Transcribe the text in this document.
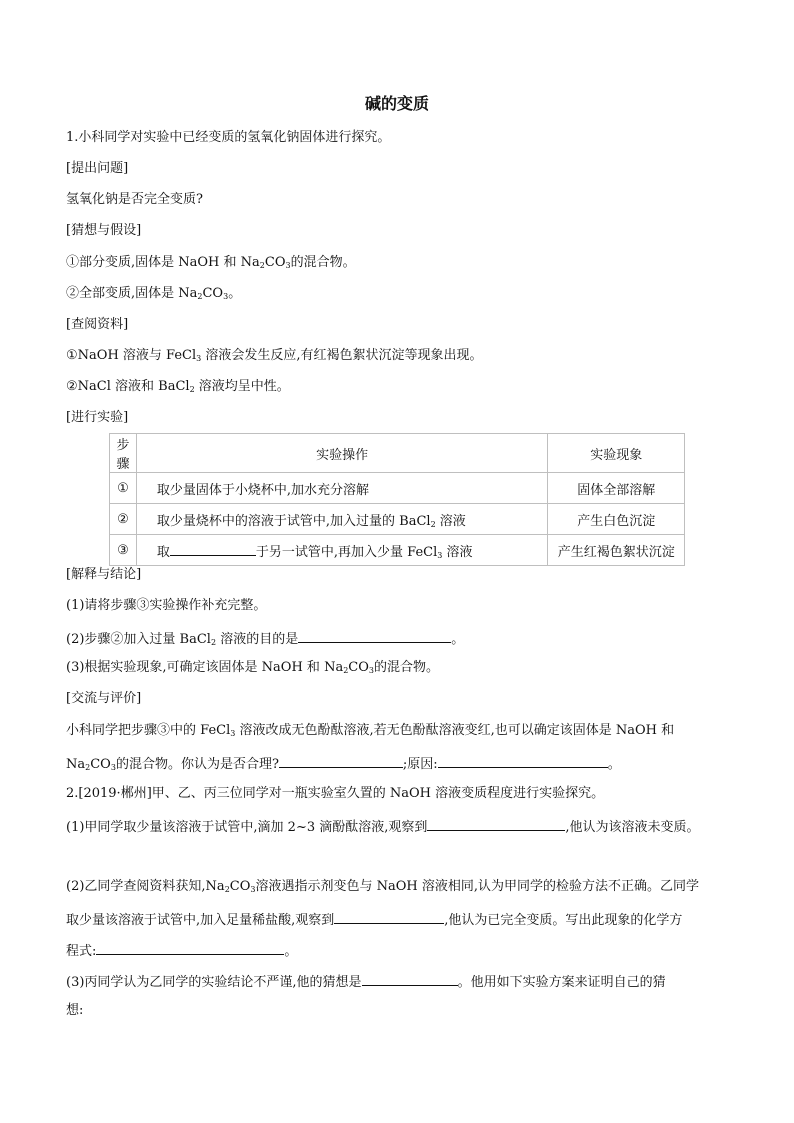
碱的变质
1.小科同学对实验中已经变质的氢氧化钠固体进行探究。
[提出问题]
氢氧化钠是否完全变质?
[猜想与假设]
①部分变质,固体是 NaOH 和 $Na_2CO_3$的混合物。
②全部变质,固体是 $Na_2CO_3$。
[查阅资料]
①NaOH 溶液与 FeCl$_3$ 溶液会发生反应,有红褐色絮状沉淀等现象出现。
②NaCl 溶液和 BaCl$_2$ 溶液均呈中性。
[进行实验]
步骤	实验操作	实验现象
①	取少量固体于小烧杯中,加水充分溶解	固体全部溶解
②	取少量烧杯中的溶液于试管中,加入过量的 BaCl$_2$ 溶液	产生白色沉淀
③	取 于另一试管中,再加入少量 FeCl$_3$ 溶液	产生红褐色絮状沉淀
[解释与结论]
(1)请将步骤③实验操作补充完整。
(2)步骤②加入过量 BaCl$_2$ 溶液的目的是	。
(3)根据实验现象,可确定该固体是 NaOH 和 $Na_2CO_3$的混合物。
[交流与评价]
小科同学把步骤③中的 FeCl$_3$ 溶液改成无色酚酞溶液,若无色酚酞溶液变红,也可以确定该固体是 NaOH 和
$Na_2CO_3$的混合物。你认为是否合理?	;原因:	。
2.[2019·郴州]甲、乙、丙三位同学对一瓶实验室久置的 NaOH 溶液变质程度进行实验探究。
(1)甲同学取少量该溶液于试管中,滴加 2~3 滴酚酞溶液,观察到	,他认为该溶液未变质。
(2)乙同学查阅资料获知$,Na_2CO_3$溶液遇指示剂变色与 NaOH 溶液相同,认为甲同学的检验方法不正确。乙同学
取少量该溶液于试管中,加入足量稀盐酸,观察到	,他认为已完全变质。写出此现象的化学方
程式:	。
(3)丙同学认为乙同学的实验结论不严谨,他的猜想是	。他用如下实验方案来证明自己的猜
想:
